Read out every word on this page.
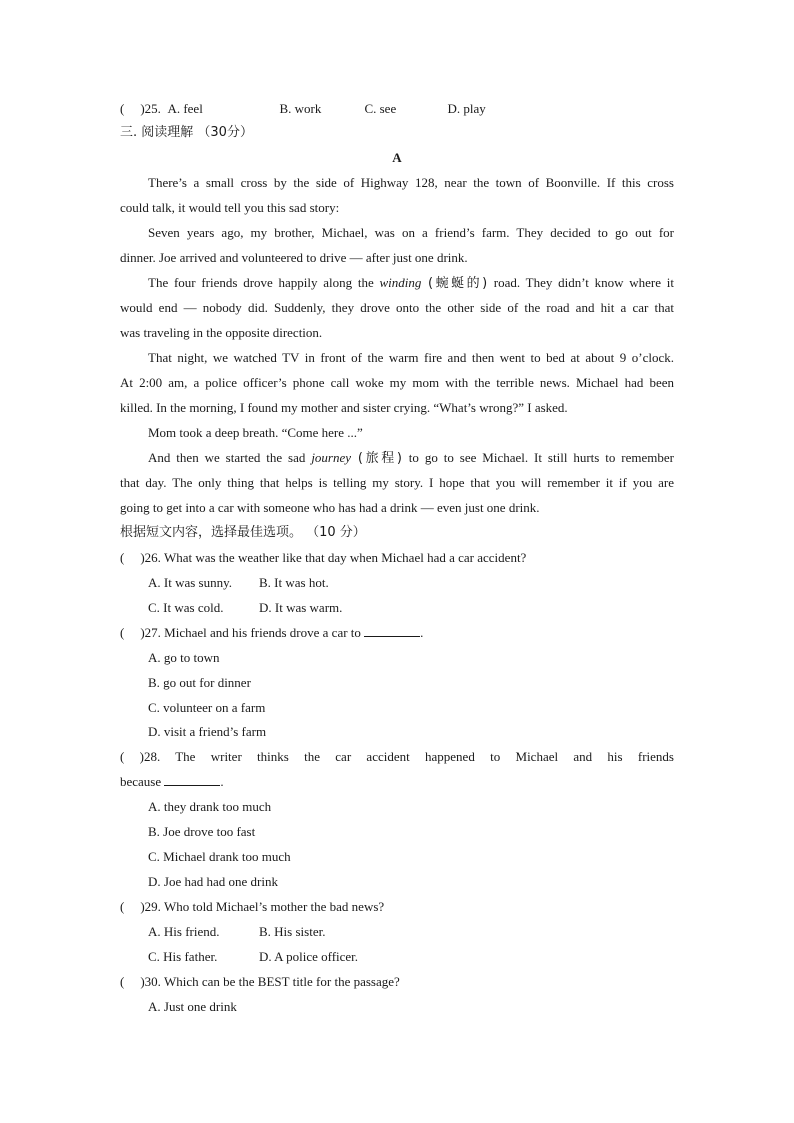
( )25. A. feel	B. work	C. see	D. play
三. 阅读理解 （30分）
A
There’s a small cross by the side of Highway 128, near the town of Boonville. If this cross
could talk, it would tell you this sad story:
Seven years ago, my brother, Michael, was on a friend’s farm. They decided to go out for
dinner. Joe arrived and volunteered to drive — after just one drink.
The four friends drove happily along the winding (蜿蜒的) road. They didn’t know where it
would end — nobody did. Suddenly, they drove onto the other side of the road and hit a car that
was traveling in the opposite direction.
That night, we watched TV in front of the warm fire and then went to bed at about 9 o’clock.
At 2:00 am, a police officer’s phone call woke my mom with the terrible news. Michael had been
killed. In the morning, I found my mother and sister crying. “What’s wrong?” I asked.
Mom took a deep breath. “Come here ...”
And then we started the sad journey (旅程) to go to see Michael. It still hurts to remember
that day. The only thing that helps is telling my story. I hope that you will remember it if you are
going to get into a car with someone who has had a drink — even just one drink.
根据短文内容，选择最佳选项。 （10 分）
( )26. What was the weather like that day when Michael had a car accident?
A. It was sunny. B. It was hot.
C. It was cold.	D. It was warm.
( )27. Michael and his friends drove a car to	.
A. go to town
B. go out for dinner
C. volunteer on a farm
D. visit a friend’s farm
( )28. The writer thinks the car accident happened to Michael and his friends
because	.
A. they drank too much
B. Joe drove too fast
C. Michael drank too much
D. Joe had had one drink
( )29. Who told Michael’s mother the bad news?
A. His friend.	B. His sister.
C. His father.	D. A police officer.
( )30. Which can be the BEST title for the passage?
A. Just one drink
